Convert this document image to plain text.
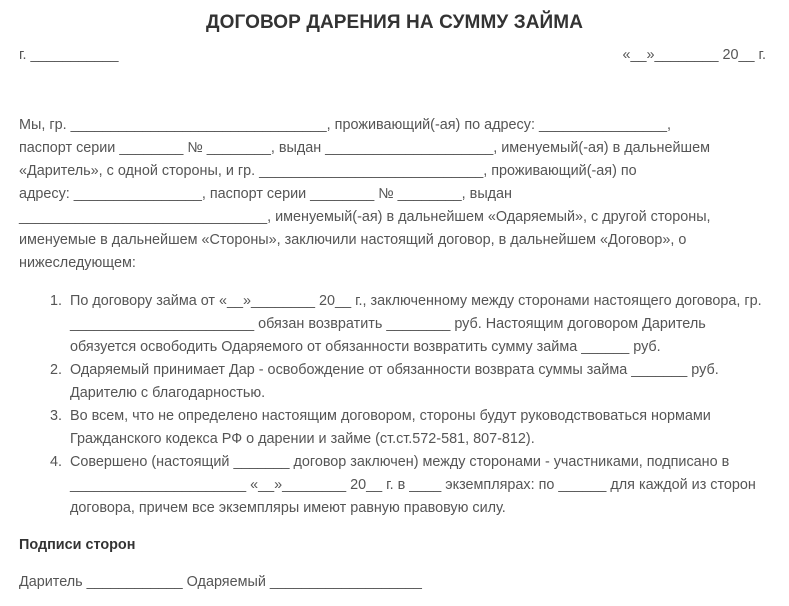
ДОГОВОР ДАРЕНИЯ НА СУММУ ЗАЙМА
г. ___________	«__»________ 20__ г.
Мы, гр. ________________________________, проживающий(-ая) по адресу: ________________,
паспорт серии ________ № ________, выдан _____________________, именуемый(-ая) в дальнейшем
«Даритель», с одной стороны, и гр. ____________________________, проживающий(-ая) по
адресу: ________________, паспорт серии ________ № ________, выдан
_______________________________, именуемый(-ая) в дальнейшем «Одаряемый», с другой стороны,
именуемые в дальнейшем «Стороны», заключили настоящий договор, в дальнейшем «Договор», о
нижеследующем:
1. По договору займа от «__»________ 20__ г., заключенному между сторонами настоящего договора, гр.
_______________________ обязан возвратить ________ руб. Настоящим договором Даритель
обязуется освободить Одаряемого от обязанности возвратить сумму займа ______ руб.
2. Одаряемый принимает Дар - освобождение от обязанности возврата суммы займа _______ руб.
Дарителю с благодарностью.
3. Во всем, что не определено настоящим договором, стороны будут руководствоваться нормами
Гражданского кодекса РФ о дарении и займе (ст.ст.572-581, 807-812).
4. Совершено (настоящий _______ договор заключен) между сторонами - участниками, подписано в
______________________ «__»________ 20__ г. в ____ экземплярах: по ______ для каждой из сторон
договора, причем все экземпляры имеют равную правовую силу.
Подписи сторон
Даритель ____________ Одаряемый ___________________
